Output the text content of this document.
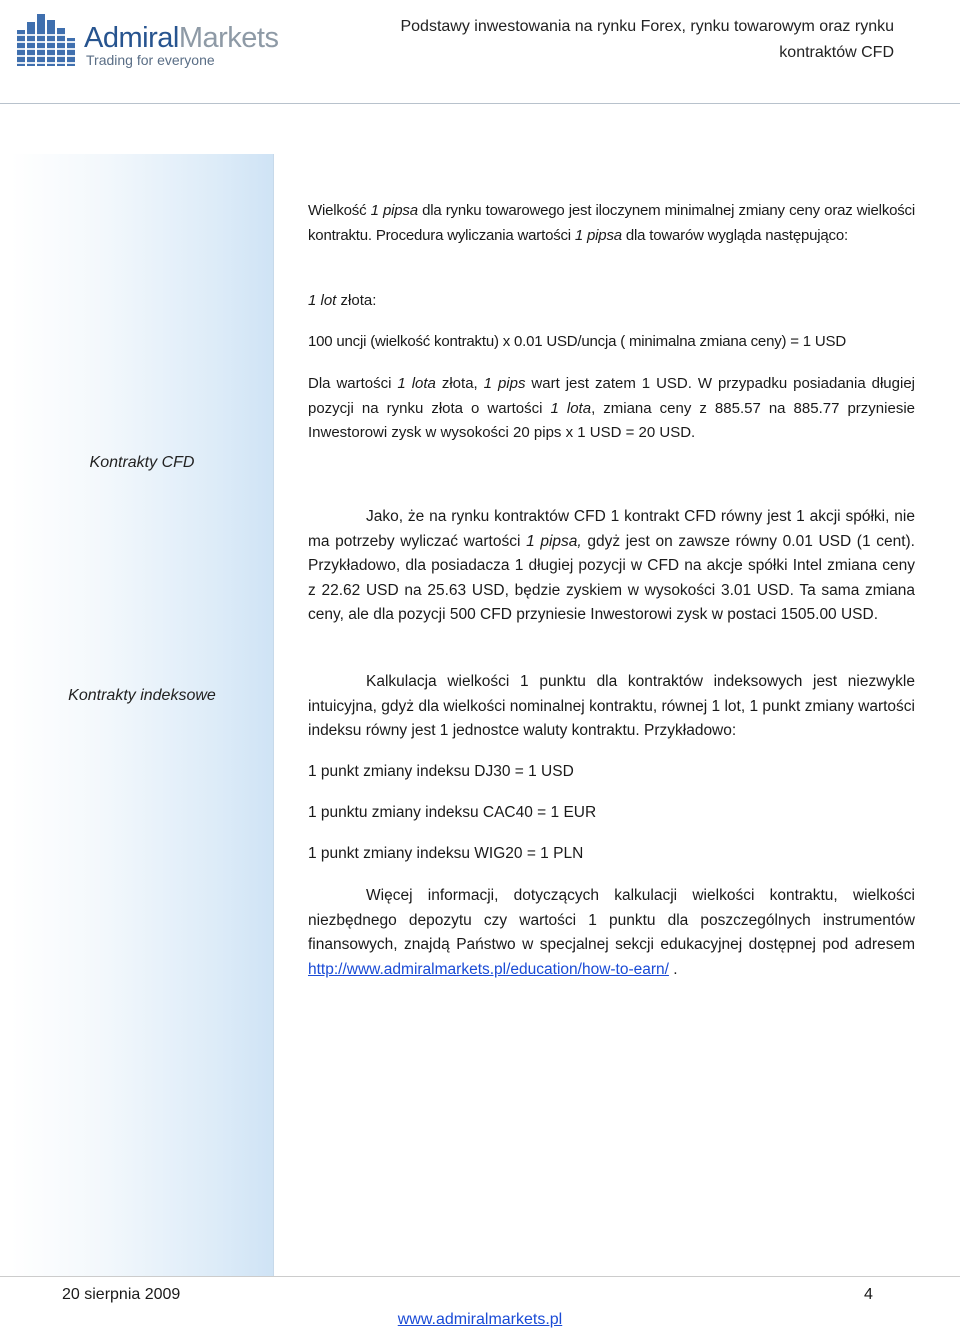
AdmiralMarkets
Trading for everyone
Podstawy inwestowania na rynku Forex, rynku towarowym oraz rynku kontraktów CFD
Kontrakty CFD
Kontrakty indeksowe

Wielkość 1 pipsa dla rynku towarowego jest iloczynem minimalnej zmiany ceny oraz wielkości kontraktu. Procedura wyliczania wartości 1 pipsa dla towarów wygląda następująco:

1 lot złota:
100 uncji (wielkość kontraktu) x 0.01 USD/uncja ( minimalna zmiana ceny) = 1 USD

Dla wartości 1 lota złota, 1 pips wart jest zatem 1 USD. W przypadku posiadania długiej pozycji na rynku złota o wartości 1 lota, zmiana ceny z 885.57 na 885.77 przyniesie Inwestorowi zysk w wysokości 20 pips x 1 USD = 20 USD.

Jako, że na rynku kontraktów CFD 1 kontrakt CFD równy jest 1 akcji spółki, nie ma potrzeby wyliczać wartości 1 pipsa, gdyż jest on zawsze równy 0.01 USD (1 cent). Przykładowo, dla posiadacza 1 długiej pozycji w CFD na akcje spółki Intel zmiana ceny z 22.62 USD na 25.63 USD, będzie zyskiem w wysokości 3.01 USD. Ta sama zmiana ceny, ale dla pozycji 500 CFD przyniesie Inwestorowi zysk w postaci 1505.00 USD.

Kalkulacja wielkości 1 punktu dla kontraktów indeksowych jest niezwykle intuicyjna, gdyż dla wielkości nominalnej kontraktu, równej 1 lot, 1 punkt zmiany wartości indeksu równy jest 1 jednostce waluty kontraktu. Przykładowo:

1 punkt zmiany indeksu DJ30 = 1 USD
1 punktu zmiany indeksu CAC40 = 1 EUR
1 punkt zmiany indeksu WIG20 = 1 PLN

Więcej informacji, dotyczących kalkulacji wielkości kontraktu, wielkości niezbędnego depozytu czy wartości 1 punktu dla poszczególnych instrumentów finansowych, znajdą Państwo w specjalnej sekcji edukacyjnej dostępnej pod adresem http://www.admiralmarkets.pl/education/how-to-earn/ .

20 sierpnia 2009	4
www.admiralmarkets.pl
